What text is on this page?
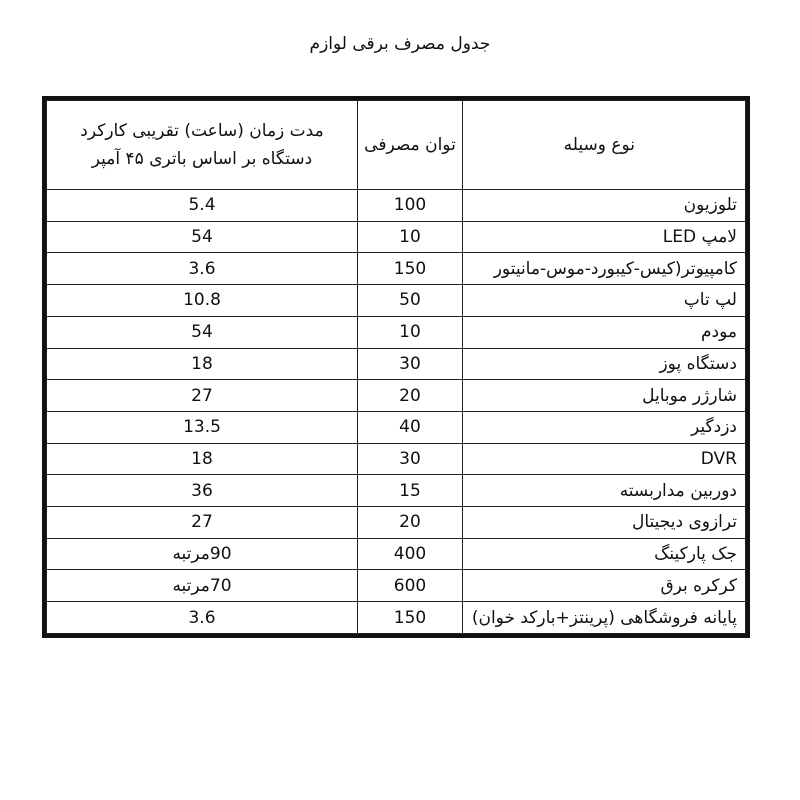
جدول مصرف برقی لوازم
مدت زمان (ساعت) تقریبی کارکرد دستگاه بر اساس باتری ۴۵ آمپر	توان مصرفی	نوع وسیله
5.4	100	تلوزیون
54	10	لامپ LED
3.6	150	کامپیوتر(کیس-کیبورد-موس-مانیتور
10.8	50	لپ تاپ
54	10	مودم
18	30	دستگاه پوز
27	20	شارژر موبایل
13.5	40	دزدگیر
18	30	DVR
36	15	دوربین مداربسته
27	20	ترازوی دیجیتال
90مرتبه	400	جک پارکینگ
70مرتبه	600	کرکره برق
3.6	150	پایانه فروشگاهی (پرینتز+بارکد خوان)
